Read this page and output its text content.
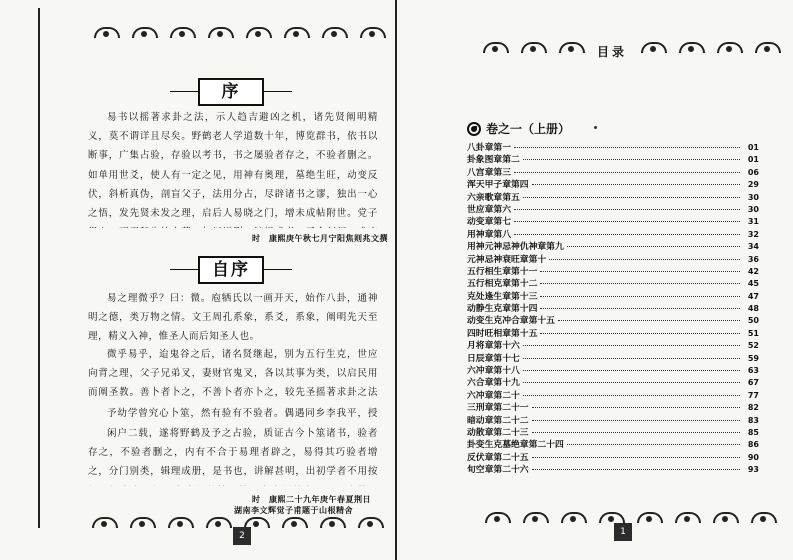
序
易书以摇著求卦之法，示人趋吉避凶之机，诸先贤阐明精义，莫不谓详且尽矣。野鹤老人学道数十年，博览群书，依书以断事，广集占验，存验以考书，书之屡验者存之，不验者删之。如单用世爻，使人有一定之见，用神有奥理，墓绝生旺，动变反伏，斜析真伪，剖盲父子，法用分占，尽辟诸书之谬，独出一心之悟，发先贤未发之理，启后人易晓之门，增未成帖附世。党子
时　康熙庚午秋七月宁阳焦则兆文撰
自序
易之理微乎？曰：微。庖牺氏以一画开天，始作八卦，通神明之德，类万物之情。文王周孔系象，系爻，系象，阐明先天至理，精义入神，惟圣人而后知圣人也。
微乎易乎，迨鬼谷之后，诸名贤继起，别为五行生克，世应向背之理，父子兄弟叉，妻财官鬼叉，各以其事为类，以启民用而阐圣教。善卜者卜之，不善卜者亦卜之，较先圣摇著求卦之法
予幼学曾究心卜筮，然有验有不验者。偶遇同乡李我平，授
时　康熙二十九年庚午春夏荆日
湖南李文辉觉子甫题于山根精舍
2
闲户二载，遂将野鹤及予之占验，质证古今卜筮诸书，验者存之，不验者删之，内有不合于易理者辟之，易得其巧验者增之，分门别类，辑理成册，是书也，讲解甚明，出初学者不用按
1
目录
卷之一（上册）
八卦章第一	01
卦象图章第二	01
八宫章第三	06
浑天甲子章第四	29
六亲歌章第五	30
世应章第六	30
动变章第七	31
用神章第八	32
用神元神忌神仇神章第九	34
元神忌神衰旺章第十	36
五行相生章第十一	42
五行相克章第十二	45
克处逢生章第十三	47
动静生克章第十四	48
动变生克冲合章第十五	50
四时旺相章第十五	51
月将章第十六	52
日辰章第十七	59
六冲章第十八	63
六合章第十九	67
六冲章第二十	77
三刑章第二十一	82
暗动章第二十二	83
动散章第二十三	85
卦变生克墓绝章第二十四	86
反伏章第二十五	90
旬空章第二十六	93
